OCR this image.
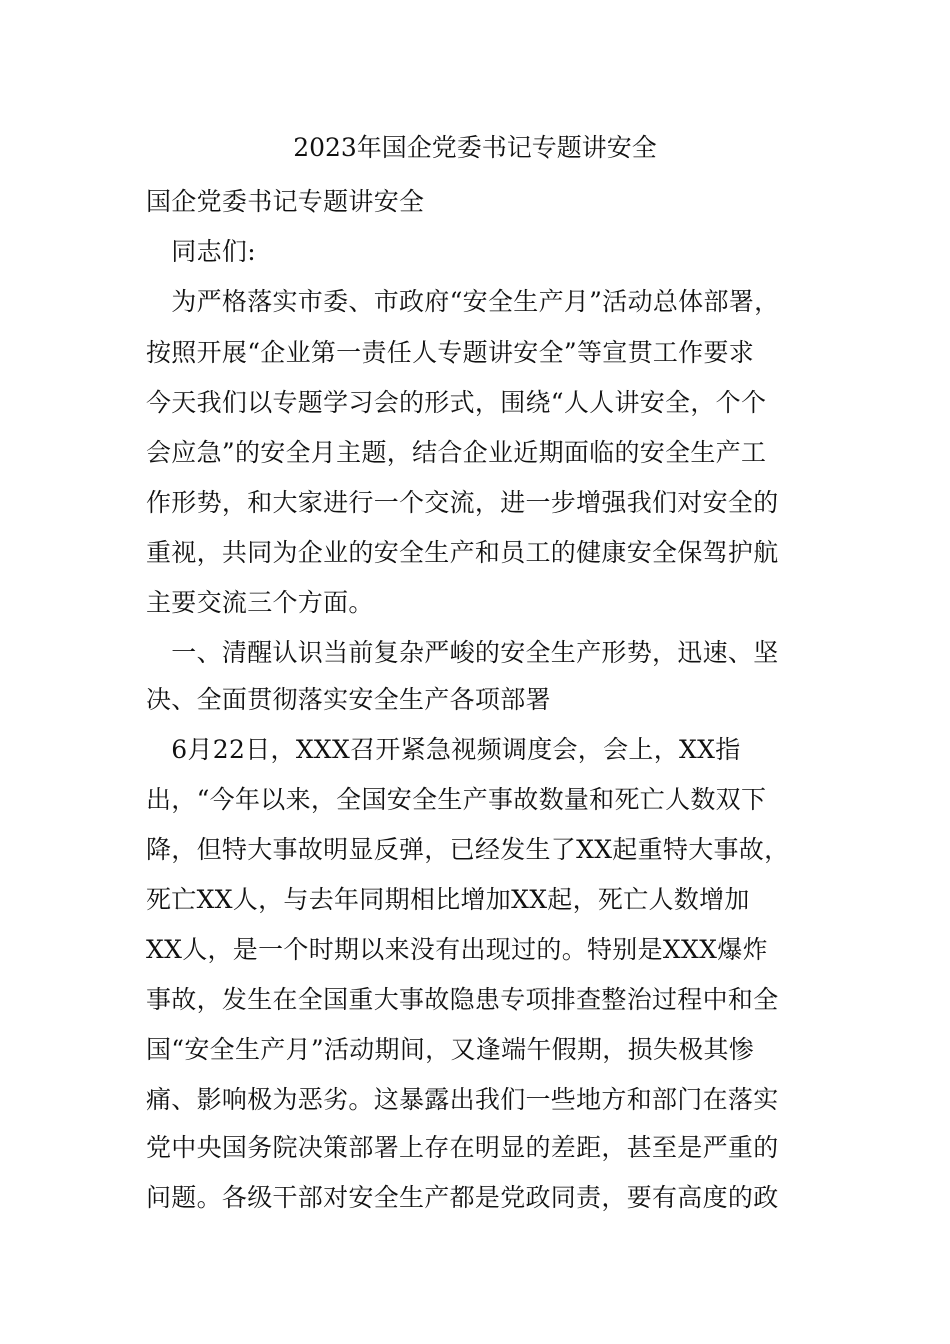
2023年国企党委书记专题讲安全
国企党委书记专题讲安全
　同志们:
　为严格落实市委、市政府“安全生产月”活动总体部署，
按照开展“企业第一责任人专题讲安全”等宣贯工作要求
今天我们以专题学习会的形式，围绕“人人讲安全，个个
会应急”的安全月主题，结合企业近期面临的安全生产工
作形势，和大家进行一个交流，进一步增强我们对安全的
重视，共同为企业的安全生产和员工的健康安全保驾护航
主要交流三个方面。
　一、清醒认识当前复杂严峻的安全生产形势，迅速、坚
决、全面贯彻落实安全生产各项部署
　6月22日，XXX召开紧急视频调度会，会上，XX指
出，“今年以来，全国安全生产事故数量和死亡人数双下
降，但特大事故明显反弹，已经发生了XX起重特大事故，
死亡XX人，与去年同期相比增加XX起，死亡人数增加
XX人，是一个时期以来没有出现过的。特别是XXX爆炸
事故，发生在全国重大事故隐患专项排查整治过程中和全
国“安全生产月”活动期间，又逢端午假期，损失极其惨
痛、影响极为恶劣。这暴露出我们一些地方和部门在落实
党中央国务院决策部署上存在明显的差距，甚至是严重的
问题。各级干部对安全生产都是党政同责，要有高度的政
